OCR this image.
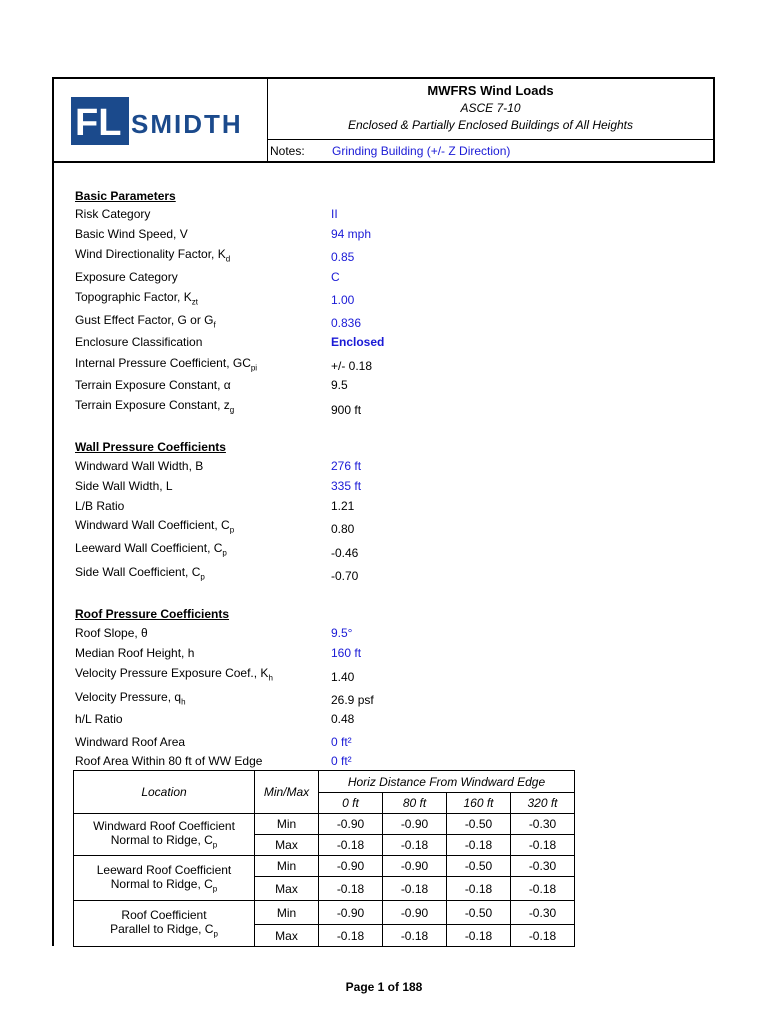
FL SMIDTH
MWFRS Wind Loads
ASCE 7-10
Enclosed & Partially Enclosed Buildings of All Heights
Notes: Grinding Building (+/- Z Direction)
Basic Parameters
Risk Category	II
Basic Wind Speed, V	94 mph
Wind Directionality Factor, $K_d$	0.85
Exposure Category	C
Topographic Factor, $K_{zt}$	1.00
Gust Effect Factor, G or $G_f$	0.836
Enclosure Classification	Enclosed
Internal Pressure Coefficient, $GC_{pi}$	+/- 0.18
Terrain Exposure Constant, α	9.5
Terrain Exposure Constant, $z_g$	900 ft
Wall Pressure Coefficients
Windward Wall Width, B	276 ft
Side Wall Width, L	335 ft
L/B Ratio	1.21
Windward Wall Coefficient, $C_p$	0.80
Leeward Wall Coefficient, $C_p$	-0.46
Side Wall Coefficient, $C_p$	-0.70
Roof Pressure Coefficients
Roof Slope, θ	9.5°
Median Roof Height, h	160 ft
Velocity Pressure Exposure Coef., $K_h$	1.40
Velocity Pressure, $q_h$	26.9 psf
h/L Ratio	0.48
Windward Roof Area	0 ft²
Roof Area Within 80 ft of WW Edge	0 ft²
Location	Min/Max	Horiz Distance From Windward Edge			
		0 ft	80 ft	160 ft	320 ft
Windward Roof Coefficient
Normal to Ridge, $C_p$	Min	-0.90	-0.90	-0.50	-0.30
	Max	-0.18	-0.18	-0.18	-0.18
Leeward Roof Coefficient
Normal to Ridge, $C_p$	Min	-0.90	-0.90	-0.50	-0.30
	Max	-0.18	-0.18	-0.18	-0.18
Roof Coefficient
Parallel to Ridge, $C_p$	Min	-0.90	-0.90	-0.50	-0.30
	Max	-0.18	-0.18	-0.18	-0.18
Page 1 of 188
